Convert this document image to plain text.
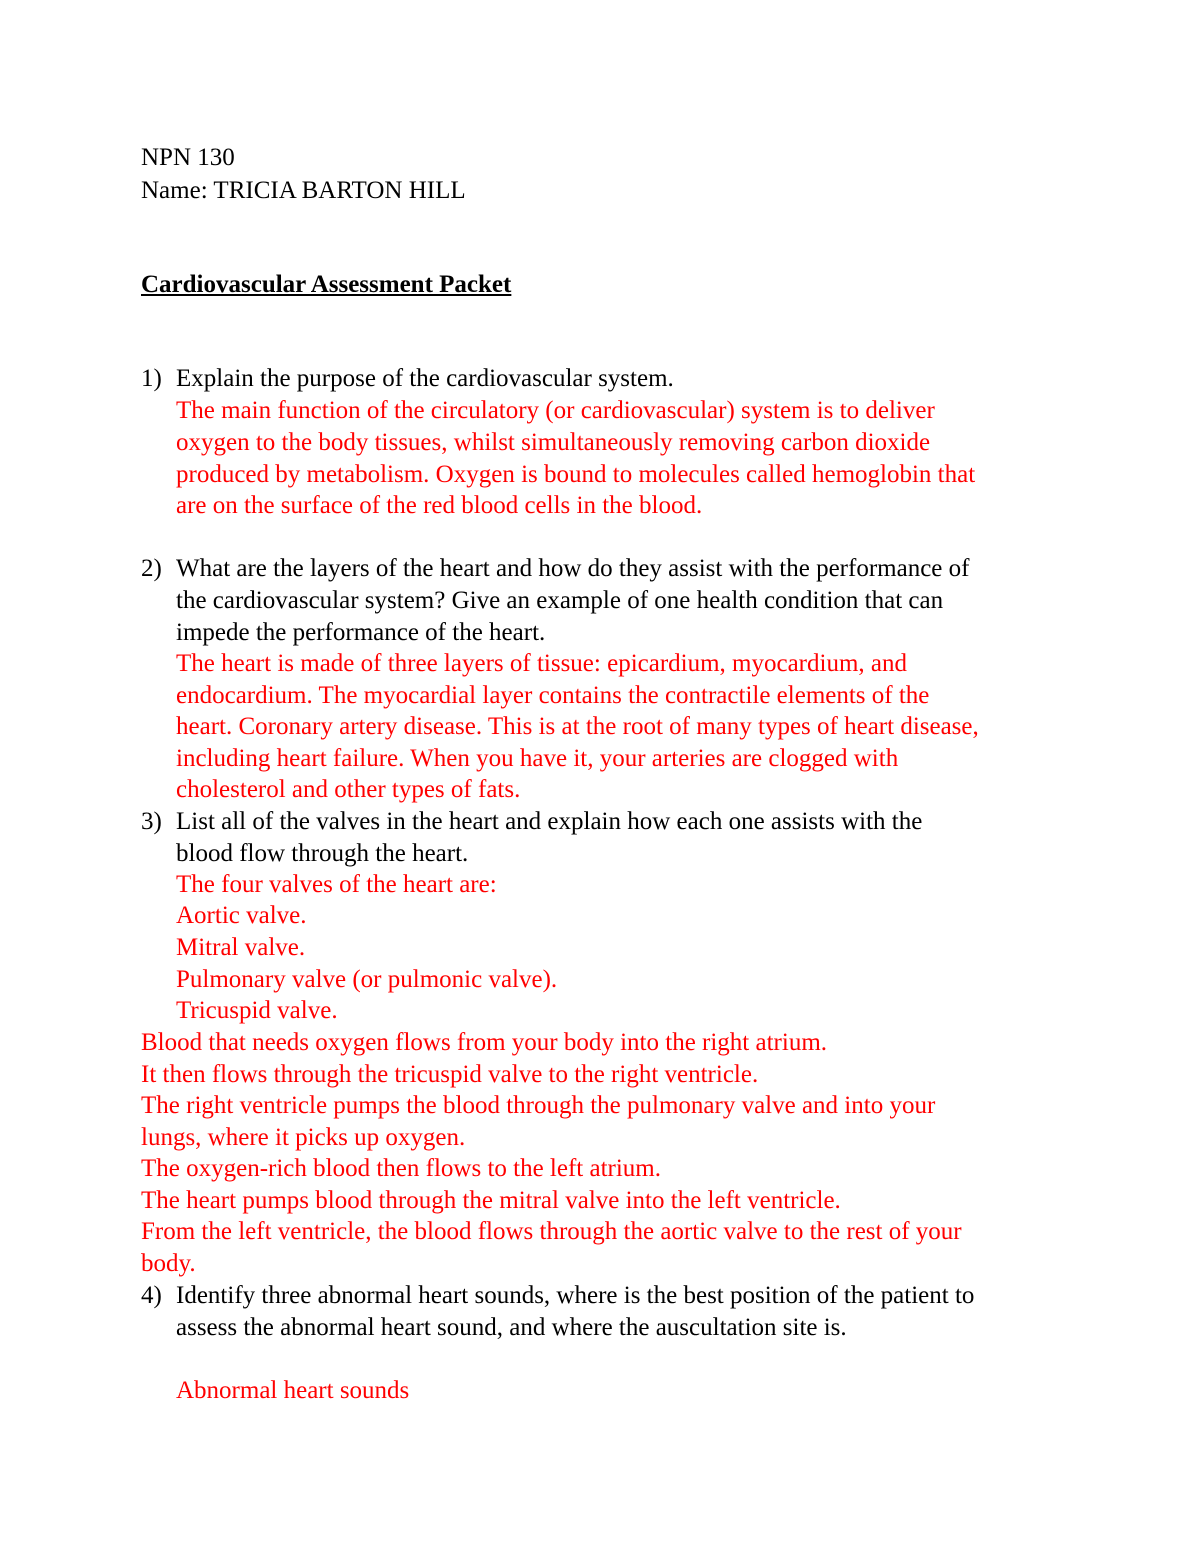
NPN 130
Name: TRICIA BARTON HILL
Cardiovascular Assessment Packet
1) Explain the purpose of the cardiovascular system.
The main function of the circulatory (or cardiovascular) system is to deliver
oxygen to the body tissues, whilst simultaneously removing carbon dioxide
produced by metabolism. Oxygen is bound to molecules called hemoglobin that
are on the surface of the red blood cells in the blood.
2) What are the layers of the heart and how do they assist with the performance of
the cardiovascular system? Give an example of one health condition that can
impede the performance of the heart.
The heart is made of three layers of tissue: epicardium, myocardium, and
endocardium. The myocardial layer contains the contractile elements of the
heart. Coronary artery disease. This is at the root of many types of heart disease,
including heart failure. When you have it, your arteries are clogged with
cholesterol and other types of fats.
3) List all of the valves in the heart and explain how each one assists with the
blood flow through the heart.
The four valves of the heart are:
Aortic valve.
Mitral valve.
Pulmonary valve (or pulmonic valve).
Tricuspid valve.
Blood that needs oxygen flows from your body into the right atrium.
It then flows through the tricuspid valve to the right ventricle.
The right ventricle pumps the blood through the pulmonary valve and into your
lungs, where it picks up oxygen.
The oxygen-rich blood then flows to the left atrium.
The heart pumps blood through the mitral valve into the left ventricle.
From the left ventricle, the blood flows through the aortic valve to the rest of your
body.
4) Identify three abnormal heart sounds, where is the best position of the patient to
assess the abnormal heart sound, and where the auscultation site is.
Abnormal heart sounds
